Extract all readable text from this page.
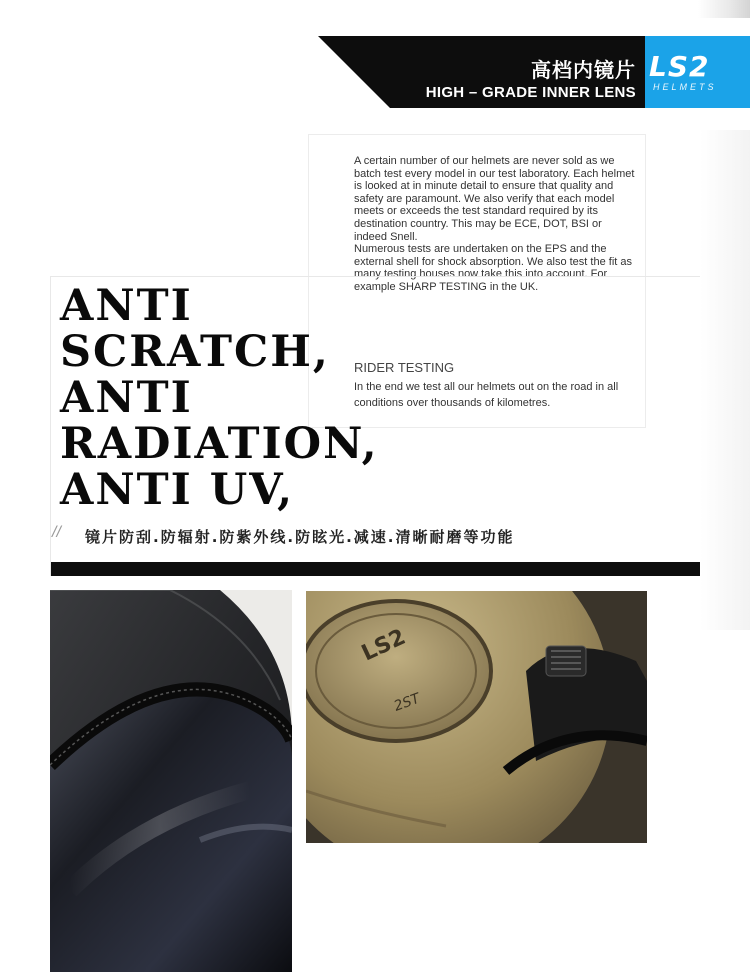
高档内镜片
HIGH – GRADE INNER LENS
LS2
HELMETS
A certain number of our helmets are never sold as we batch test every model in our test laboratory. Each helmet is looked at in minute detail to ensure that quality and safety are paramount. We also verify that each model meets or exceeds the test standard required by its destination country. This may be ECE, DOT, BSI or indeed Snell.
Numerous tests are undertaken on the EPS and the external shell for shock absorption. We also test the fit as many testing houses now take this into account. For example SHARP TESTING in the UK.
RIDER TESTING
In the end we test all our helmets out on the road in all conditions over thousands of kilometres.
ANTI
SCRATCH,
ANTI
RADIATION,
ANTI UV,
// 镜片防刮.防辐射.防紫外线.防眩光.减速.清晰耐磨等功能
LS2
2ST
